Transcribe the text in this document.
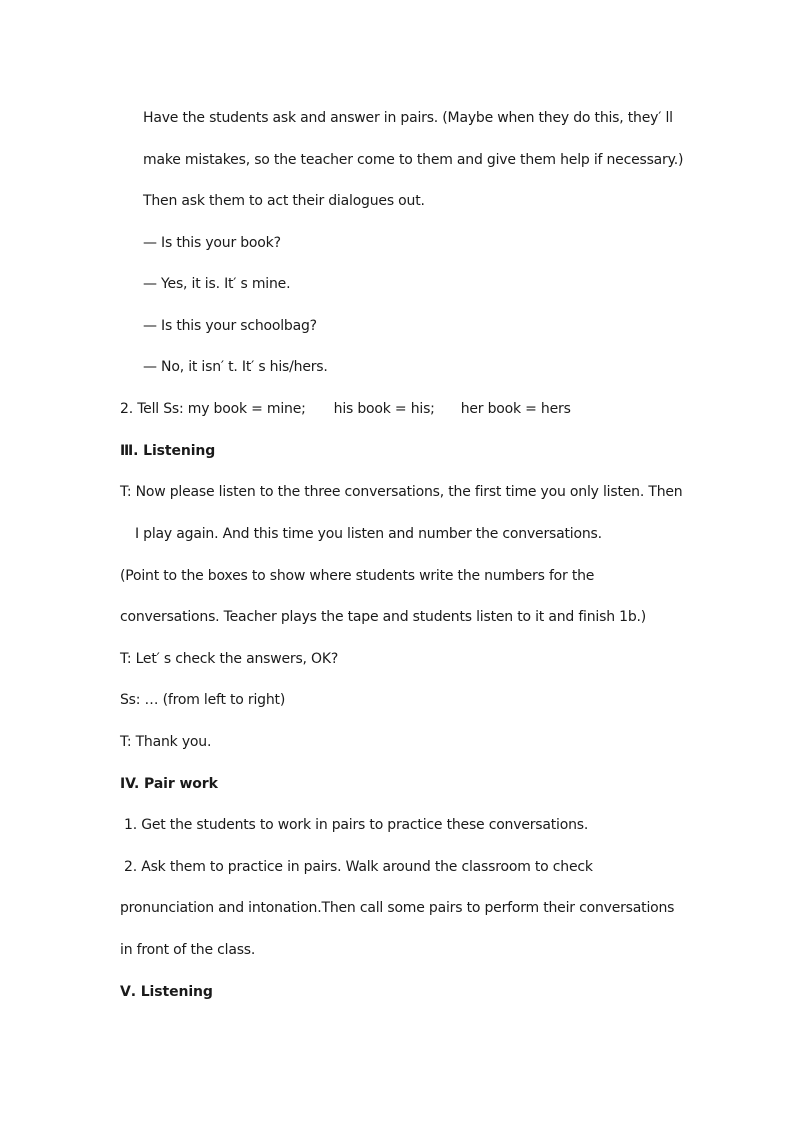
Have the students ask and answer in pairs. (Maybe when they do this, they′ ll
make mistakes, so the teacher come to them and give them help if necessary.)
Then ask them to act their dialogues out.
— Is this your book?
— Yes, it is. It′ s mine.
— Is this your schoolbag?
— No, it isn′ t. It′ s his/hers.
2. Tell Ss: my book = mine; his book = his; her book = hers
Ⅲ. Listening
T: Now please listen to the three conversations, the first time you only listen. Then
I play again. And this time you listen and number the conversations.
(Point to the boxes to show where students write the numbers for the
conversations. Teacher plays the tape and students listen to it and finish 1b.)
T: Let′ s check the answers, OK?
Ss: … (from left to right)
T: Thank you.
IV. Pair work
1. Get the students to work in pairs to practice these conversations.
2. Ask them to practice in pairs. Walk around the classroom to check
pronunciation and intonation.Then call some pairs to perform their conversations
in front of the class.
Ⅴ. Listening
